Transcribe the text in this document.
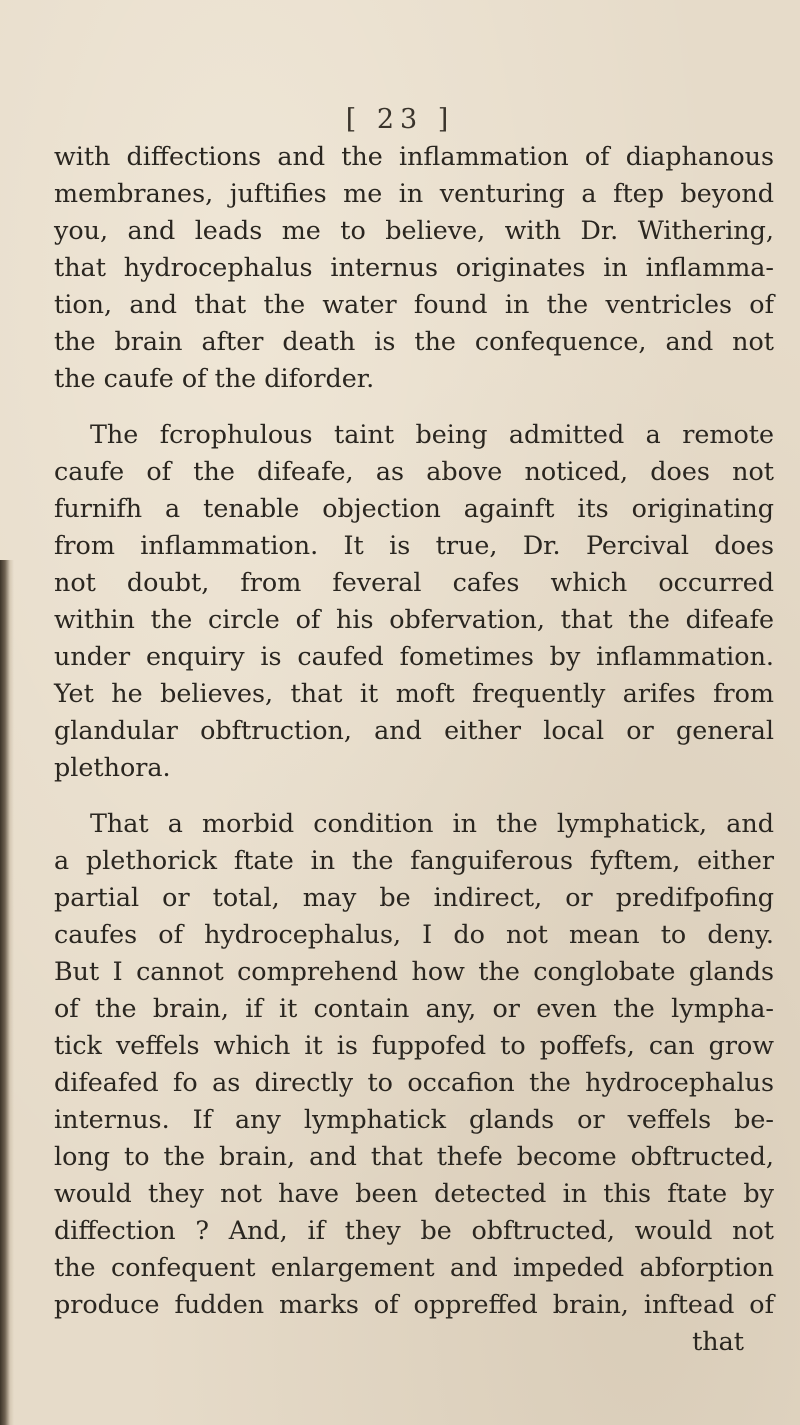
[ 23 ]
with diffections and the inflammation of diaphanous
membranes, juftifies me in venturing a ftep beyond
you, and leads me to believe, with Dr. Withering,
that hydrocephalus internus originates in inflamma-
tion, and that the water found in the ventricles of
the brain after death is the confequence, and not
the caufe of the diforder.
The fcrophulous taint being admitted a remote
caufe of the difeafe, as above noticed, does not
furnifh a tenable objection againft its originating
from inflammation. It is true, Dr. Percival does
not doubt, from feveral cafes which occurred
within the circle of his obfervation, that the difeafe
under enquiry is caufed fometimes by inflammation.
Yet he believes, that it moft frequently arifes from
glandular obftruction, and either local or general
plethora.
That a morbid condition in the lymphatick, and
a plethorick ftate in the fanguiferous fyftem, either
partial or total, may be indirect, or predifpofing
caufes of hydrocephalus, I do not mean to deny.
But I cannot comprehend how the conglobate glands
of the brain, if it contain any, or even the lympha-
tick veffels which it is fuppofed to poffefs, can grow
difeafed fo as directly to occafion the hydrocephalus
internus. If any lymphatick glands or veffels be-
long to the brain, and that thefe become obftructed,
would they not have been detected in this ftate by
diffection ? And, if they be obftructed, would not
the confequent enlargement and impeded abforption
produce fudden marks of oppreffed brain, inftead of
that
